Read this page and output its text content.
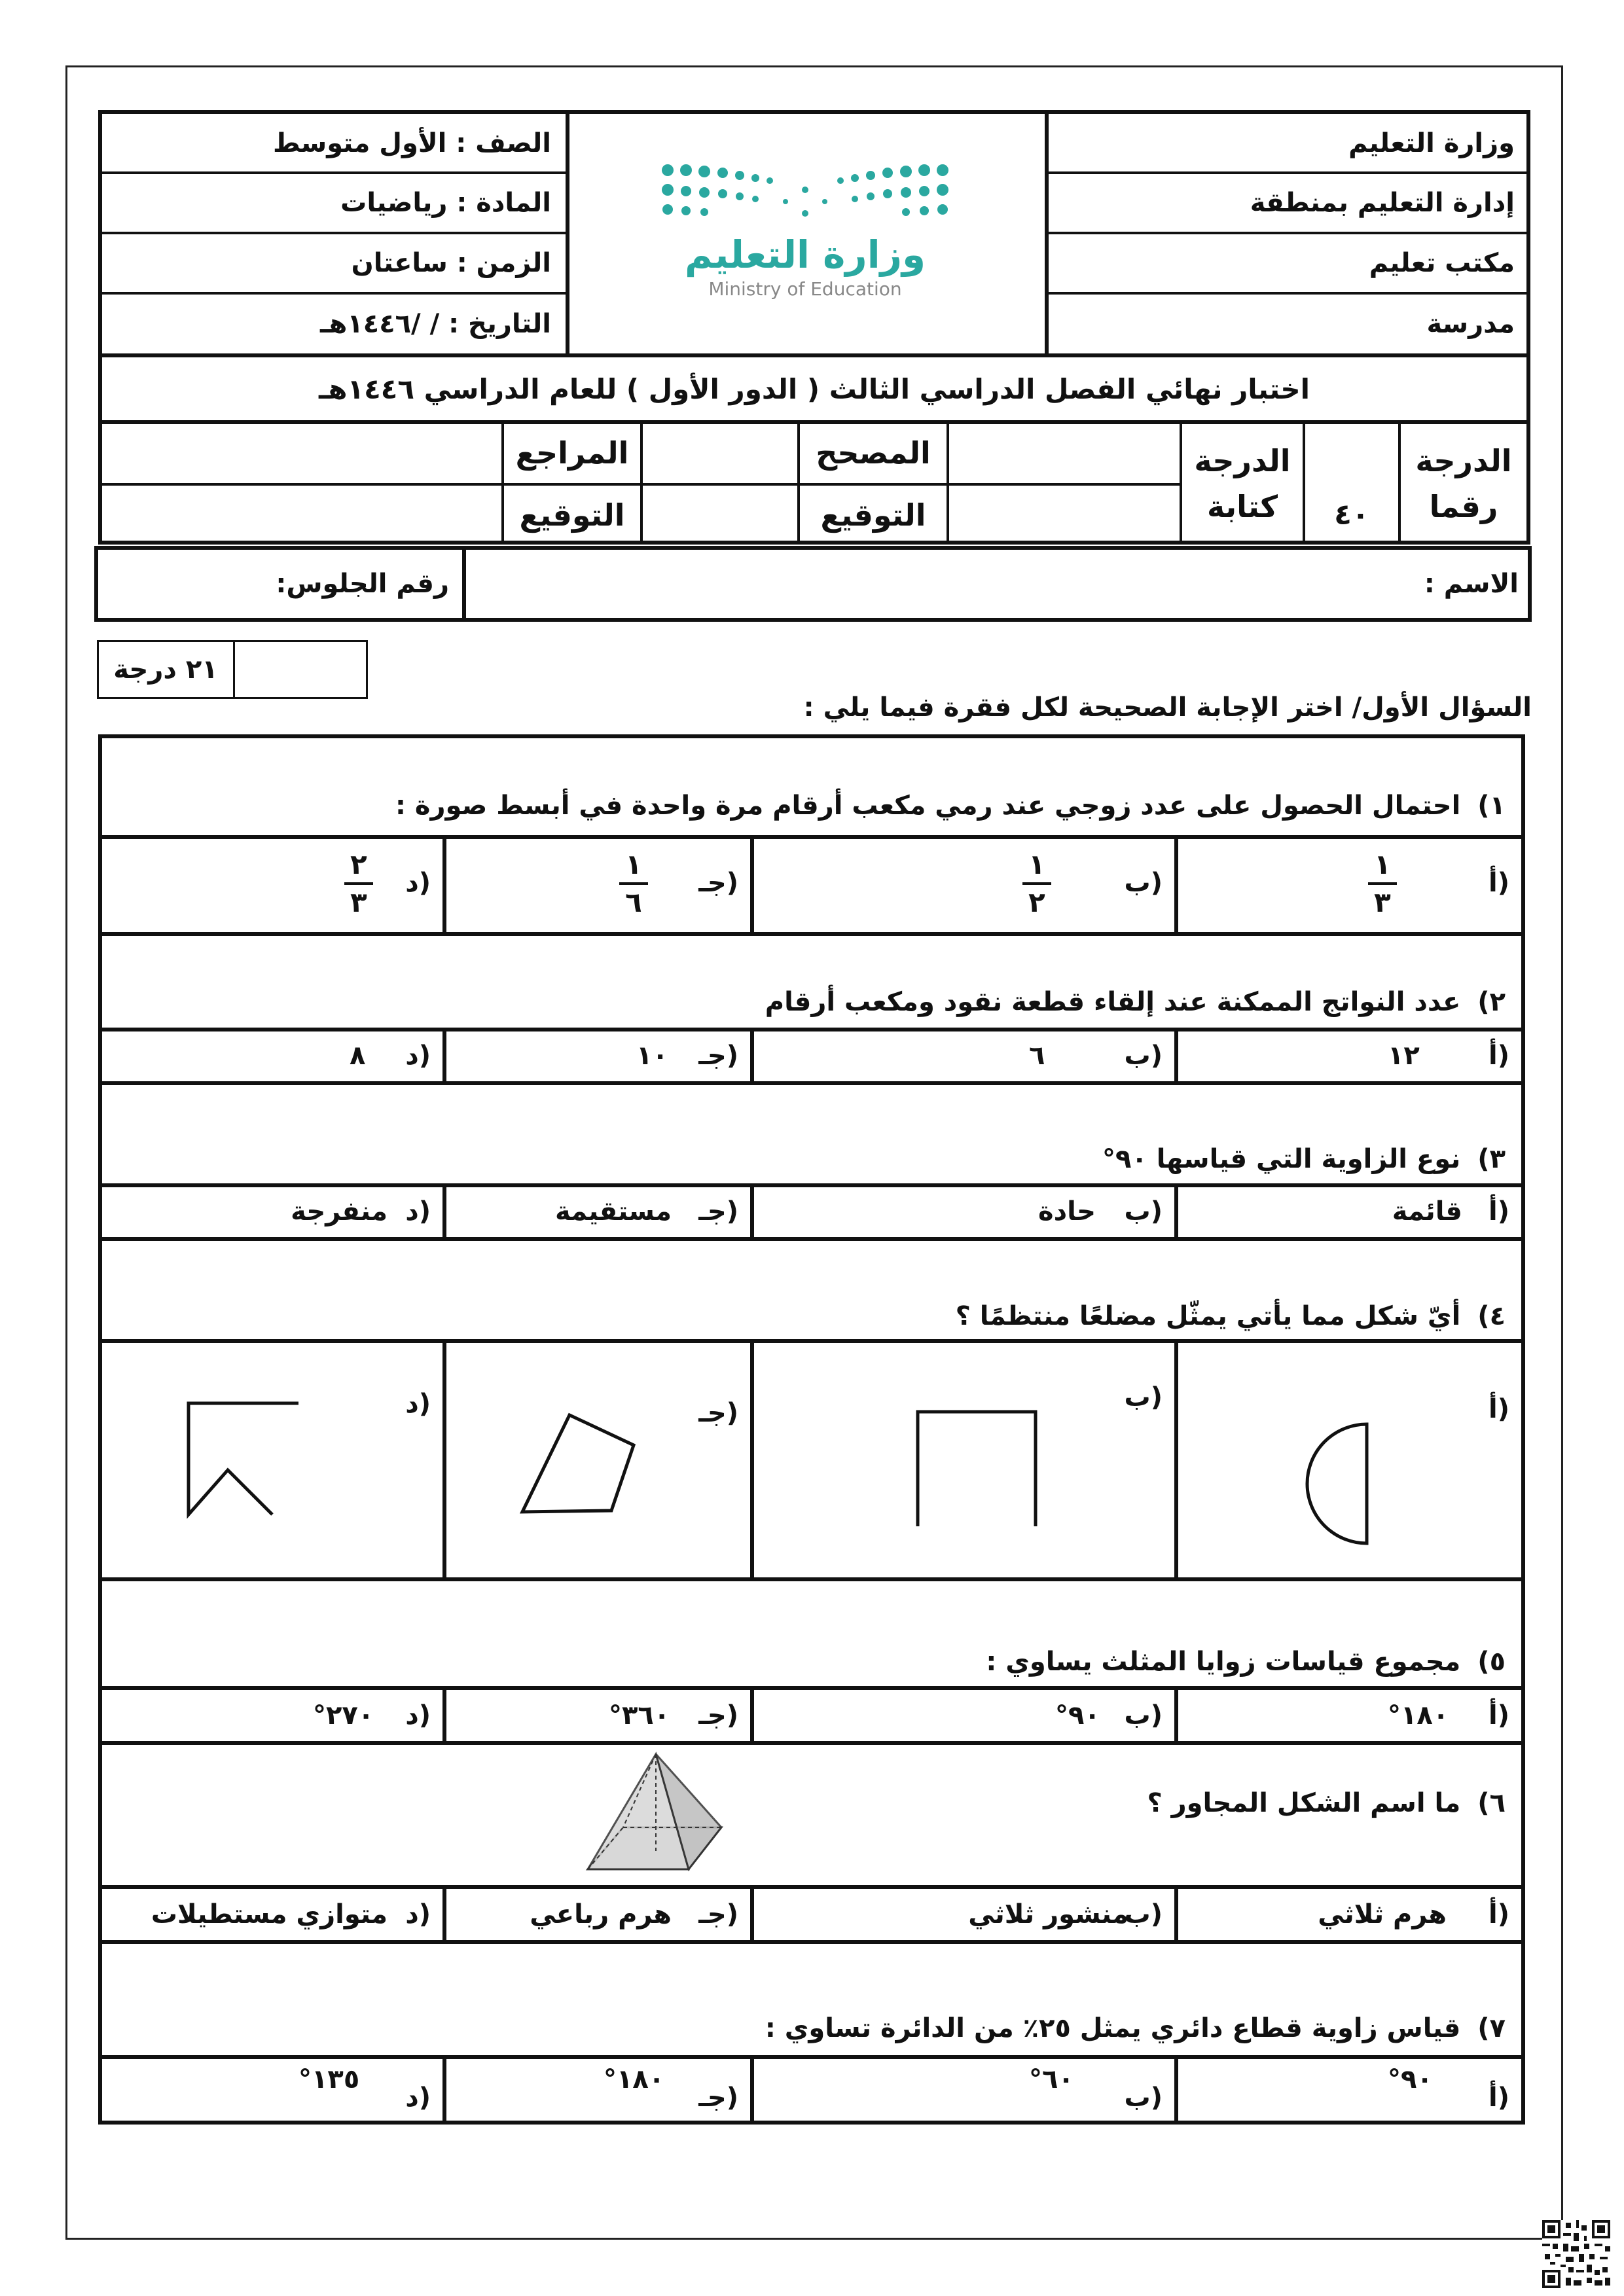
وزارة التعليم
إدارة التعليم بمنطقة
مكتب تعليم
مدرسة
الصف : الأول متوسط
المادة : رياضيات
الزمن : ساعتان
التاريخ : / /١٤٤٦هـ
وزارة التعليم
Ministry of Education
اختبار نهائي الفصل الدراسي الثالث ( الدور الأول ) للعام الدراسي ١٤٤٦هـ
الدرجة رقما
٤٠
الدرجة كتابة
المصحح
التوقيع
المراجع
التوقيع
الاسم :
رقم الجلوس:
٢١ درجة
السؤال الأول/ اختر الإجابة الصحيحة لكل فقرة فيما يلي :
١)
احتمال الحصول على عدد زوجي عند رمي مكعب أرقام مرة واحدة في أبسط صورة :
أ)
$\frac{١}{٣}$
ب)
$\frac{١}{٢}$
جـ)
$\frac{١}{٦}$
د)
$\frac{٢}{٣}$
٢)
عدد النواتج الممكنة عند إلقاء قطعة نقود ومكعب أرقام
أ)
١٢
ب)
٦
جـ)
١٠
د)
٨
٣)
نوع الزاوية التي قياسها ٩٠°
أ)
قائمة
ب)
حادة
جـ)
مستقيمة
د)
منفرجة
٤)
أيّ شكل مما يأتي يمثّل مضلعًا منتظمًا ؟
أ)
ب)
جـ)
د)
٥)
مجموع قياسات زوايا المثلث يساوي :
أ)
°١٨٠
ب)
°٩٠
جـ)
°٣٦٠
د)
°٢٧٠
٦)
ما اسم الشكل المجاور ؟
أ)
هرم ثلاثي
ب)
منشور ثلاثي
جـ)
هرم رباعي
د)
متوازي مستطيلات
٧)
قياس زاوية قطاع دائري يمثل ٢٥٪ من الدائرة تساوي :
أ)
°٩٠
ب)
°٦٠
جـ)
°١٨٠
د)
°١٣٥
